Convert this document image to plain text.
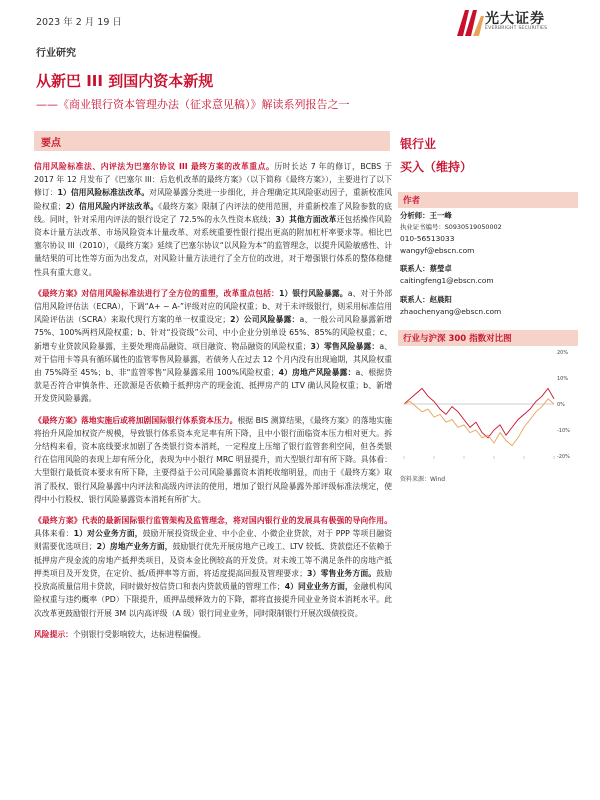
2023 年 2 月 19 日	光大证券
EVERBRIGHT SECURITIES
行业研究
从新巴 III 到国内资本新规
——《商业银行资本管理办法（征求意见稿）》解读系列报告之一
要点

信用风险标准法、内评法为巴塞尔协议 III 最终方案的改革重点。历时长达 7 年的修订，BCBS 于 2017 年 12 月发布了《巴塞尔 III：后危机改革的最终方案》（以下简称《最终方案》），主要进行了以下修订：1）信用风险标准法改革。对风险暴露分类进一步细化，并合理确定其风险驱动因子，重新校准风险权重；2）信用风险内评法改革。《最终方案》限制了内评法的使用范围，并重新校准了风险参数的底线。同时，针对采用内评法的银行设定了 72.5%的永久性资本底线；3）其他方面改革还包括操作风险资本计量方法改革、市场风险资本计量改革、对系统重要性银行提出更高的附加杠杆率要求等。相比巴塞尔协议 III（2010），《最终方案》延续了巴塞尔协议“以风险为本”的监管理念，以提升风险敏感性、计量结果的可比性等方面为出发点，对风险计量方法进行了全方位的改进，对于增强银行体系的整体稳健性具有重大意义。

《最终方案》对信用风险标准法进行了全方位的重塑，改革重点包括：1）银行风险暴露。a、对于外部信用风险评估法（ECRA），下调“A+ ~ A-”评级对应的风险权重；b、对于未评级银行，则采用标准信用风险评估法（SCRA）来取代现行方案的单一权重设定；2）公司风险暴露：a、一般公司风险暴露新增 75%、100%两档风险权重；b、针对“投资级”公司、中小企业分别单设 65%、85%的风险权重；c、新增专业贷款风险暴露，主要处理商品融资、项目融资、物品融资的风险权重；3）零售风险暴露：a、对于信用卡等具有循环属性的监管零售风险暴露，若债务人在过去 12 个月内没有出现逾期，其风险权重由 75%降至 45%；b、非“监管零售”风险暴露采用 100%风险权重；4）房地产风险暴露：a、根据贷款是否符合审慎条件、还款源是否依赖于抵押房产的现金流、抵押房产的 LTV 确认风险权重；b、新增开发贷风险暴露。

《最终方案》落地实施后或将加剧国际银行体系资本压力。根据 BIS 测算结果，《最终方案》的落地实施将抬升风险加权资产规模，导致银行体系资本充足率有所下降，且中小银行面临资本压力相对更大。拆分结构来看，资本底线要求加剧了各类银行资本消耗，一定程度上压缩了银行监管套利空间，但各类银行在信用风险的表现上却有所分化，表现为中小银行 MRC 明显提升，而大型银行却有所下降。具体看：大型银行最低资本要求有所下降，主要得益于公司风险暴露资本消耗收缩明显，而由于《最终方案》取消了股权、银行风险暴露中内评法和高级内评法的使用，增加了银行风险暴露外部评级标准法规定，使得中小行股权、银行风险暴露资本消耗有所扩大。

《最终方案》代表的最新国际银行监管架构及监管理念，将对国内银行业的发展具有极强的导向作用。具体来看：1）对公业务方面，鼓励开展投资级企业、中小企业、小微企业贷款，对于 PPP 等项目融资则需要优选项目；2）房地产业务方面，鼓励银行优先开展房地产已竣工、LTV 较低、贷款偿还不依赖于抵押房产现金流的房地产抵押类项目，及资本金比例较高的开发贷。对未竣工等不满足条件的房地产抵押类项目及开发贷，在定价、抵/质押率等方面，将适度提高回报及管理要求；3）零售业务方面。鼓励投放高质量信用卡贷款，同时做好按信贷口和表内贷款质量的管理工作；4）同业业务方面，金融机构风险权重与违约概率（PD）下限提升，质押品缓释效力的下降，都将直接提升同业业务资本消耗水平。此次改革更鼓励银行开展 3M 以内高评级（A 级）银行同业业务，同时限制银行开展次级债投资。

风险提示：个别银行受影响较大，达标进程偏慢。

银行业
买入（维持）
作者
分析师：王一峰
执业证书编号：S0930519050002
010-56513033
wangyf@ebscn.com
联系人：蔡瑩卓
caitingfeng1@ebscn.com
联系人：赵晨阳
zhaochenyang@ebscn.com
行业与沪深 300 指数对比图
20%
10%
0%
-10%
-20%
资料来源：Wind
